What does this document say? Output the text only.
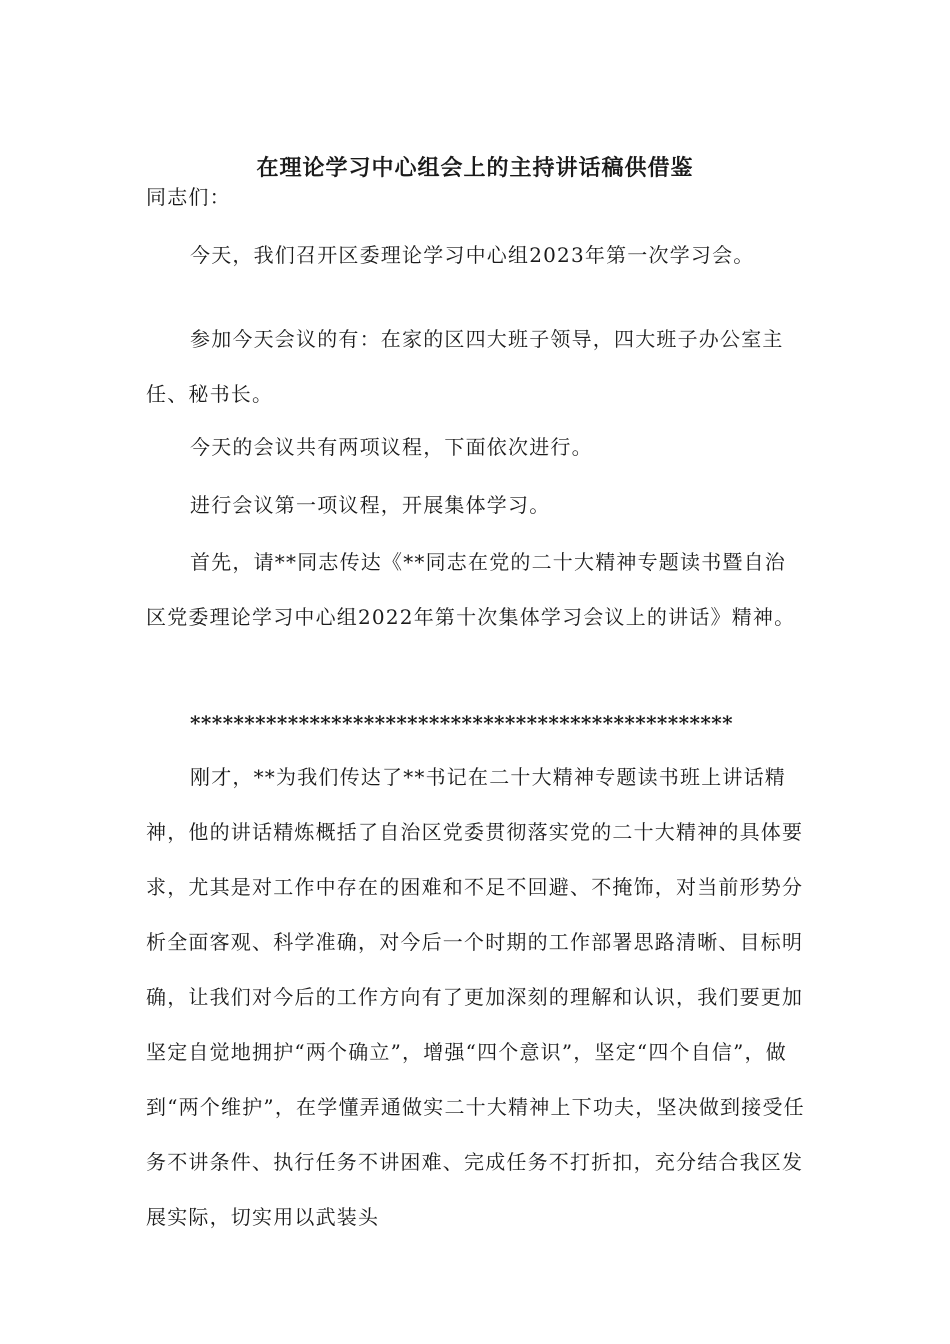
在理论学习中心组会上的主持讲话稿供借鉴

同志们：

今天，我们召开区委理论学习中心组2023年第一次学习会。

参加今天会议的有：在家的区四大班子领导，四大班子办公室主任、秘书长。

今天的会议共有两项议程，下面依次进行。

进行会议第一项议程，开展集体学习。

首先，请**同志传达《**同志在党的二十大精神专题读书暨自治区党委理论学习中心组2022年第十次集体学习会议上的讲话》精神。

**************************************************

刚才，**为我们传达了**书记在二十大精神专题读书班上讲话精神，他的讲话精炼概括了自治区党委贯彻落实党的二十大精神的具体要求，尤其是对工作中存在的困难和不足不回避、不掩饰，对当前形势分析全面客观、科学准确，对今后一个时期的工作部署思路清晰、目标明确，让我们对今后的工作方向有了更加深刻的理解和认识，我们要更加坚定自觉地拥护“两个确立”，增强“四个意识”，坚定“四个自信”，做到“两个维护”，在学懂弄通做实二十大精神上下功夫，坚决做到接受任务不讲条件、执行任务不讲困难、完成任务不打折扣，充分结合我区发展实际，切实用以武装头
